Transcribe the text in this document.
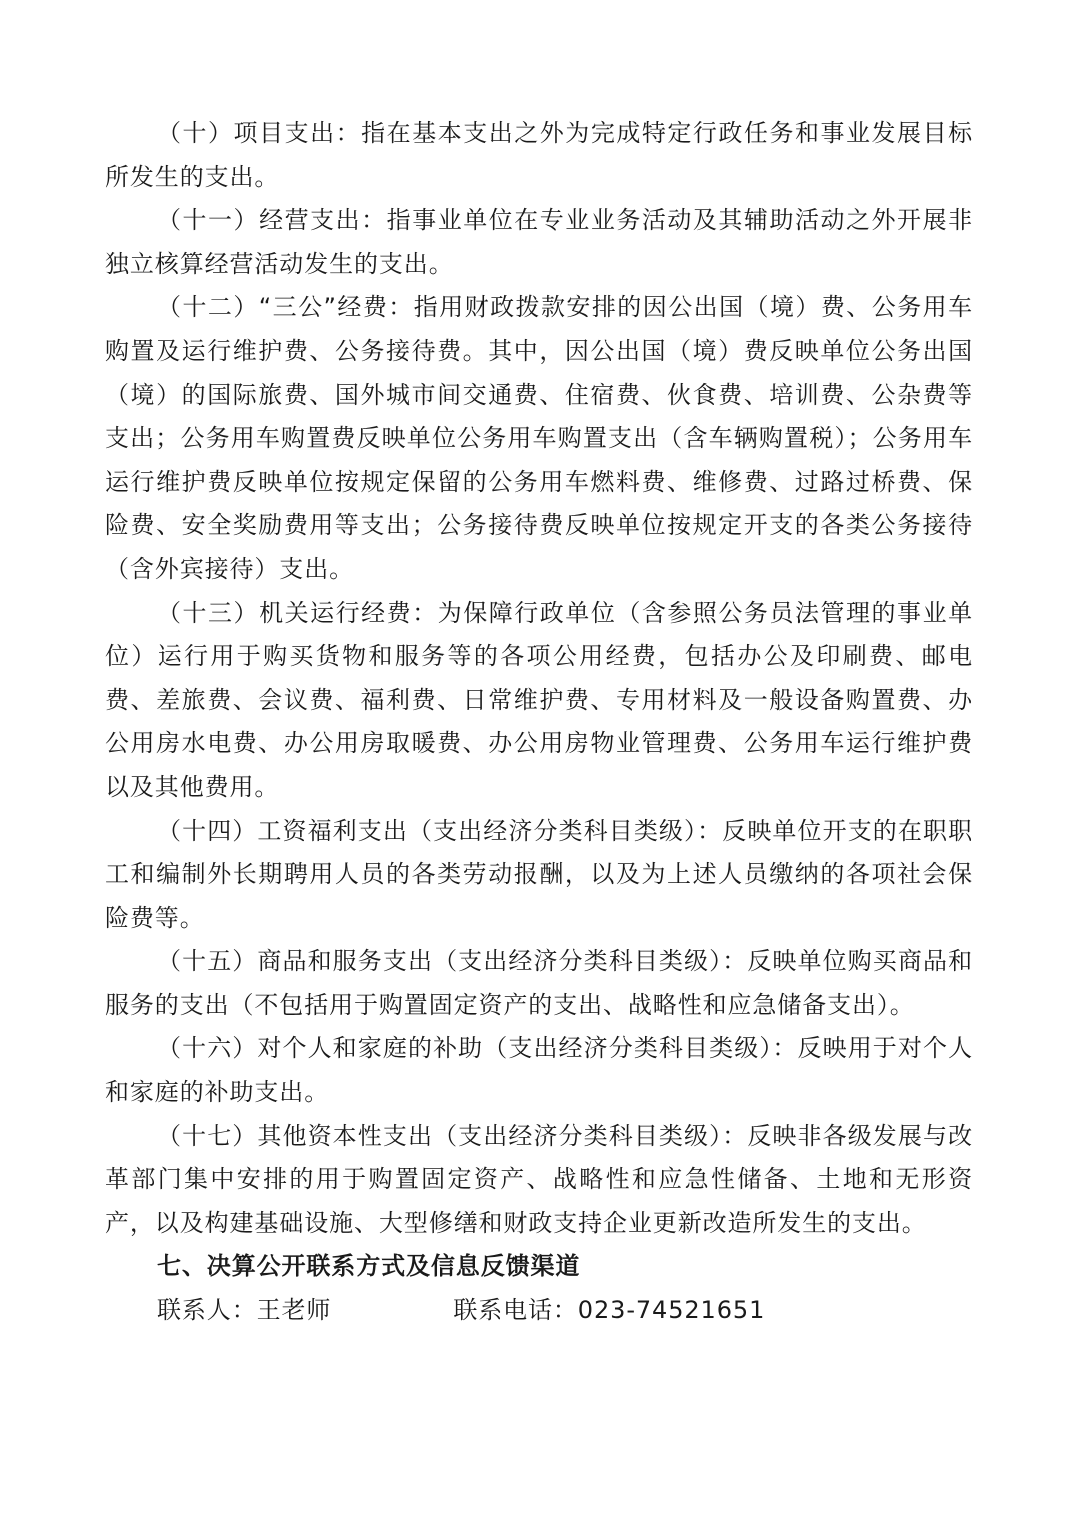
（十）项目支出：指在基本支出之外为完成特定行政任务和事业发展目标所发生的支出。

（十一）经营支出：指事业单位在专业业务活动及其辅助活动之外开展非独立核算经营活动发生的支出。

（十二）“三公”经费：指用财政拨款安排的因公出国（境）费、公务用车购置及运行维护费、公务接待费。其中，因公出国（境）费反映单位公务出国（境）的国际旅费、国外城市间交通费、住宿费、伙食费、培训费、公杂费等支出；公务用车购置费反映单位公务用车购置支出（含车辆购置税）；公务用车运行维护费反映单位按规定保留的公务用车燃料费、维修费、过路过桥费、保险费、安全奖励费用等支出；公务接待费反映单位按规定开支的各类公务接待（含外宾接待）支出。

（十三）机关运行经费：为保障行政单位（含参照公务员法管理的事业单位）运行用于购买货物和服务等的各项公用经费，包括办公及印刷费、邮电费、差旅费、会议费、福利费、日常维护费、专用材料及一般设备购置费、办公用房水电费、办公用房取暖费、办公用房物业管理费、公务用车运行维护费以及其他费用。

（十四）工资福利支出（支出经济分类科目类级）：反映单位开支的在职职工和编制外长期聘用人员的各类劳动报酬，以及为上述人员缴纳的各项社会保险费等。

（十五）商品和服务支出（支出经济分类科目类级）：反映单位购买商品和服务的支出（不包括用于购置固定资产的支出、战略性和应急储备支出）。

（十六）对个人和家庭的补助（支出经济分类科目类级）：反映用于对个人和家庭的补助支出。

（十七）其他资本性支出（支出经济分类科目类级）：反映非各级发展与改革部门集中安排的用于购置固定资产、战略性和应急性储备、土地和无形资产，以及构建基础设施、大型修缮和财政支持企业更新改造所发生的支出。

七、决算公开联系方式及信息反馈渠道

联系人：王老师	联系电话：023-74521651
